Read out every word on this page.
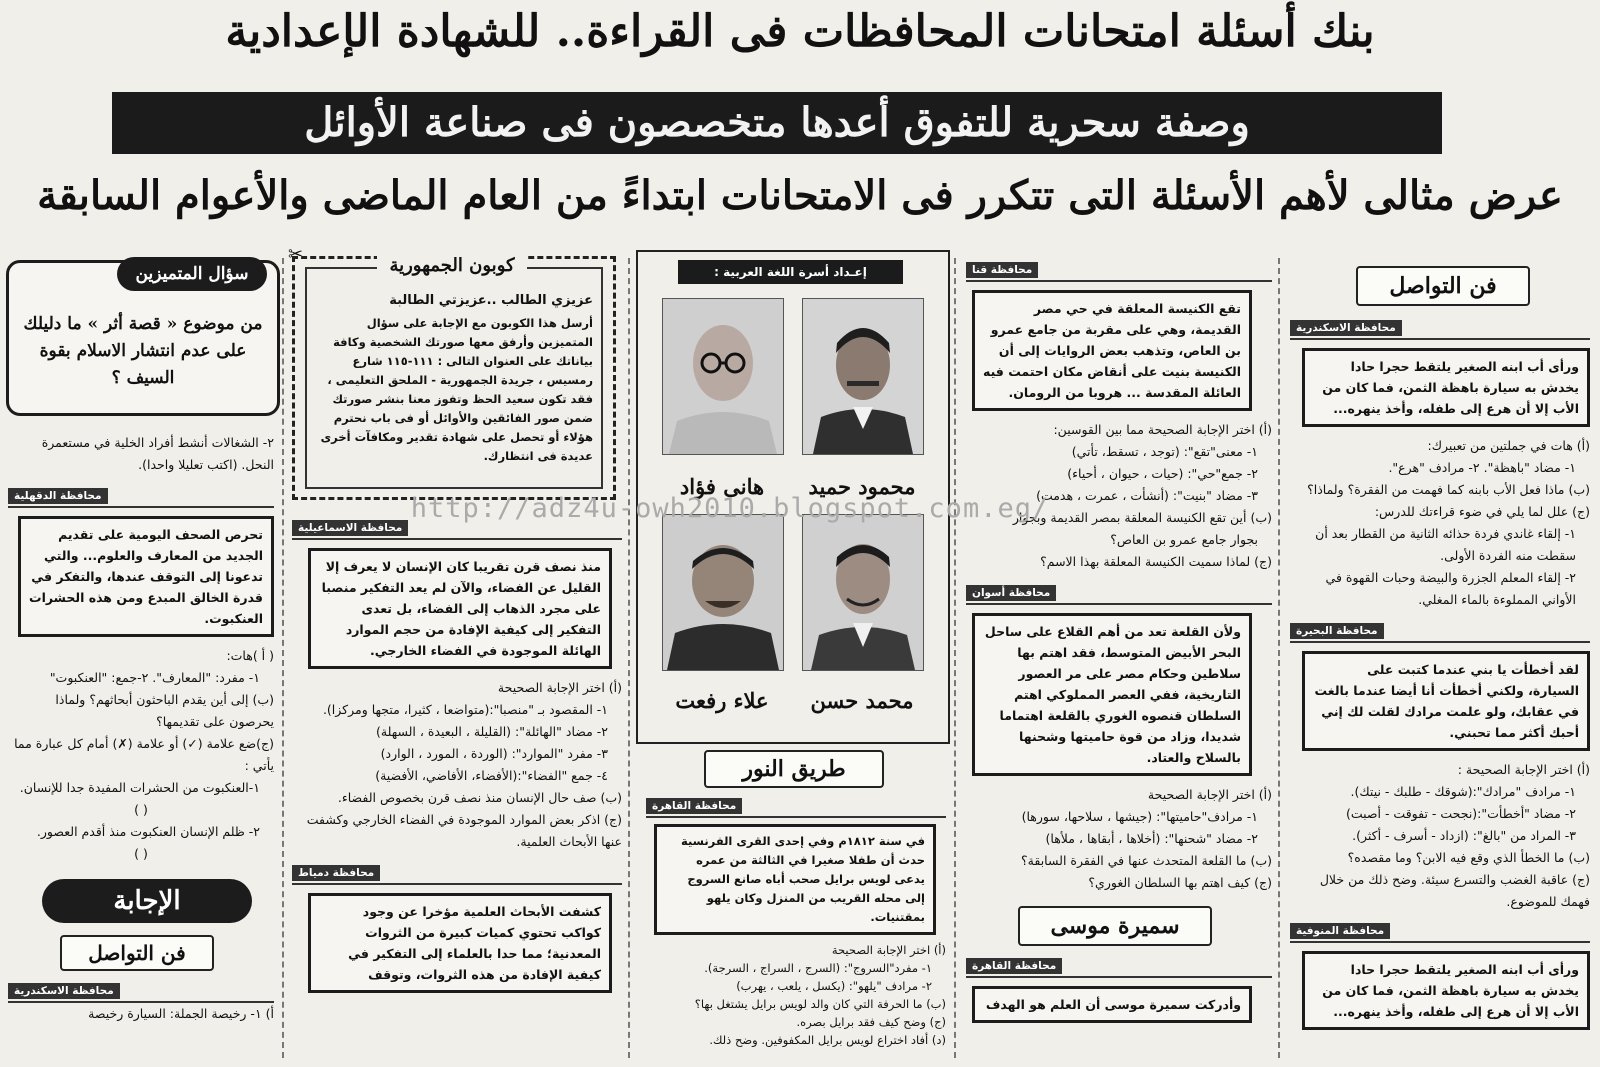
بنك أسئلة امتحانات المحافظات فى القراءة.. للشهادة الإعدادية
وصفة سحرية للتفوق أعدها متخصصون فى صناعة الأوائل
عرض مثالى لأهم الأسئلة التى تتكرر فى الامتحانات ابتداءً من العام الماضى والأعوام السابقة
فن التواصل
محافظة الاسكندرية
ورأى أب ابنه الصغير يلتقط حجرا حادا يخدش به سيارة باهظة الثمن، فما كان من الأب إلا أن هرع إلى طفله، وأخذ ينهره...

(أ) هات في جملتين من تعبيرك:

١- مضاد "باهظة". ٢- مرادف "هرع".

(ب) ماذا فعل الأب بابنه كما فهمت من الفقرة؟ ولماذا؟

(ج) علل لما يلي في ضوء قراءتك للدرس:

١- إلقاء غاندي فردة حذائه الثانية من القطار بعد أن سقطت منه الفردة الأولى.

٢- إلقاء المعلم الجزرة والبيضة وحبات القهوة في الأواني المملوءة بالماء المغلي.

محافظة البحيرة
لقد أخطأت يا بني عندما كتبت على السيارة، ولكني أخطأت أنا أيضا عندما بالغت في عقابك، ولو علمت مرادك لقلت لك إني أحبك أكثر مما تحبني.

(أ) اختر الإجابة الصحيحة :

١- مرادف "مرادك":(شوقك - طلبك - نيتك).

٢- مضاد "أخطأت":(نجحت - تفوقت - أصبت)

٣- المراد من "بالغ": (ازداد - أسرف - أكثر).

(ب) ما الخطأ الذي وقع فيه الابن؟ وما مقصده؟

(ج) عاقبة الغضب والتسرع سيئة. وضح ذلك من خلال فهمك للموضوع.

محافظة المنوفية
ورأى أب ابنه الصغير يلتقط حجرا حادا يخدش به سيارة باهظة الثمن، فما كان من الأب إلا أن هرع إلى طفله، وأخذ ينهره...
محافظة قنا
تقع الكنيسة المعلقة في حي مصر القديمة، وهي على مقربة من جامع عمرو بن العاص، وتذهب بعض الروايات إلى أن الكنيسة بنيت على أنقاض مكان احتمت فيه العائلة المقدسة ... هروبا من الرومان.

(أ) اختر الإجابة الصحيحة مما بين القوسين:

١- معنى"تقع": (توجد ، تسقط، تأتي)

٢- جمع"حي": (حيات ، حيوان ، أحياء)

٣- مضاد "بنيت": (أنشأت ، عمرت ، هدمت)

(ب) أين تقع الكنيسة المعلقة بمصر القديمة وبجوار

بجوار جامع عمرو بن العاص؟

(ج) لماذا سميت الكنيسة المعلقة بهذا الاسم؟

محافظة أسوان
ولأن القلعة تعد من أهم القلاع على ساحل البحر الأبيض المتوسط، فقد اهتم بها سلاطين وحكام مصر على مر العصور التاريخية، ففي العصر المملوكي اهتم السلطان قنصوه الغوري بالقلعة اهتماما شديدا، وزاد من قوة حاميتها وشحنها بالسلاح والعتاد.

(أ) اختر الإجابة الصحيحة

١- مرادف"حاميتها": (جيشها ، سلاحها، سورها)

٢- مضاد "شحنها": (أخلاها ، أبقاها ، ملأها)

(ب) ما القلعة المتحدث عنها في الفقرة السابقة؟

(ج) كيف اهتم بها السلطان الغوري؟

سميرة موسى
محافظة القاهرة
وأدركت سميرة موسى أن العلم هو الهدف
إعـداد أسرة اللغة العربية :
محمود حميد
هانى فؤاد
محمد حسن
علاء رفعت
طريق النور
محافظة القاهرة
في سنة ١٨١٢م وفي إحدى القرى الفرنسية حدث أن طفلا صغيرا في الثالثة من عمره يدعى لويس برايل صحب أباه صانع السروج إلى محله القريب من المنزل وكان يلهو بمقتنيات.

(أ) اختر الإجابة الصحيحة

١- مفرد"السروج": (السرج ، السراج ، السرجة).

٢- مرادف "يلهو": (يكسل ، يلعب ، يهرب)

(ب) ما الحرفة التي كان والد لويس برايل يشتغل بها؟

(ج) وضح كيف فقد برايل بصره.

(د) أفاد اختراع لويس برايل المكفوفين. وضح ذلك.

✂
كوبون الجمهورية
عزيزي الطالب ..عزيزتي الطالبة
أرسل هذا الكوبون مع الإجابة على سؤال المتميزين وأرفق معها صورتك الشخصية وكافة بياناتك على العنوان التالى : ١١١-١١٥ شارع رمسيس ، جريدة الجمهورية - الملحق التعليمى ، فقد تكون سعيد الحظ وتفوز معنا بنشر صورتك ضمن صور الفائقين والأوائل أو فى باب نحترم هؤلاء أو تحصل على شهادة تقدير ومكافآت أخرى عديدة فى انتظارك.
محافظة الاسماعيلية
منذ نصف قرن تقريبا كان الإنسان لا يعرف إلا القليل عن الفضاء، والآن لم يعد التفكير منصبا على مجرد الذهاب إلى الفضاء، بل تعدى التفكير إلى كيفية الإفادة من حجم الموارد الهائلة الموجودة في الفضاء الخارجي.

(أ) اختر الإجابة الصحيحة

١- المقصود بـ "منصبا":(متواضعا ، كثيرا، متجها ومركزا).

٢- مضاد "الهائلة": (القليلة ، البعيدة ، السهلة)

٣- مفرد "الموارد": (الوردة ، المورد ، الوارد)

٤- جمع "الفضاء":(الأفضاء، الأفاضي، الأفضية)

(ب) صف حال الإنسان منذ نصف قرن بخصوص الفضاء.

(ج) اذكر بعض الموارد الموجودة في الفضاء الخارجي وكشفت عنها الأبحاث العلمية.

محافظة دمياط
كشفت الأبحاث العلمية مؤخرا عن وجود كواكب تحتوي كميات كبيرة من الثروات المعدنية؛ مما حدا بالعلماء إلى التفكير في كيفية الإفادة من هذه الثروات، وتوقف
سؤال المتميزين
من موضوع « قصة أثر » ما دليلك على عدم انتشار الاسلام بقوة السيف ؟

٢- الشغالات أنشط أفراد الخلية في مستعمرة النحل. (اكتب تعليلا واحدا).

محافظة الدقهلية
تحرص الصحف اليومية على تقديم الجديد من المعارف والعلوم... والتي تدعونا إلى التوقف عندها، والتفكر في قدرة الخالق المبدع ومن هذه الحشرات العنكبوت.

( أ )هات:

١- مفرد: "المعارف". ٢-جمع: "العنكبوت"

(ب) إلى أين يقدم الباحثون أبحاثهم؟ ولماذا يحرصون على تقديمها؟

(ج)ضع علامة (✓) أو علامة (✗) أمام كل عبارة مما يأتي :

١-العنكبوت من الحشرات المفيدة جدا للإنسان.

( )

٢- ظلم الإنسان العنكبوت منذ أقدم العصور.

( )

الإجابة
فن التواصل
محافظة الاسكندرية

أ) ١- رخيصة الجملة: السيارة رخيصة

http://adz4u-owh2010.blogspot.com.eg/
